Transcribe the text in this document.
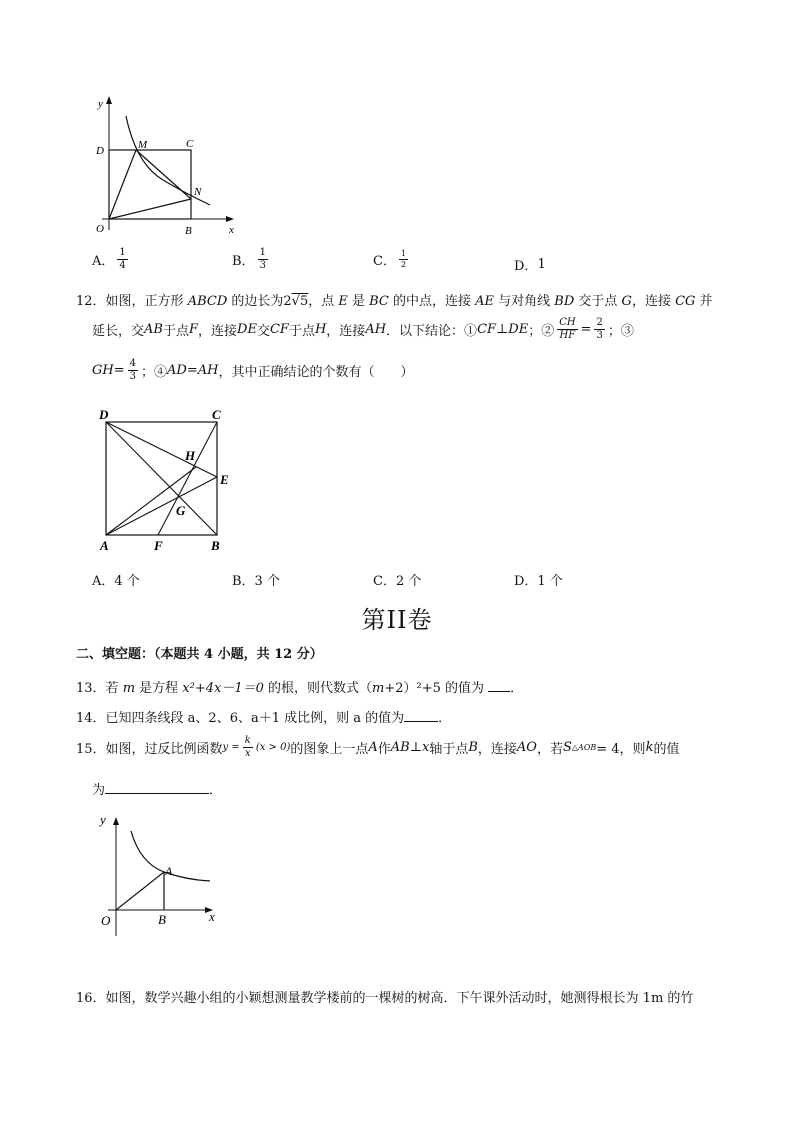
y
x
O	B
D	M	C
N
A． $\frac{1}{4}$	B． $\frac{1}{3}$	C． $\frac{1}{2}$	D． 1
12．如图，正方形 ABCD 的边长为2√5，点 E 是 BC 的中点，连接 AE 与对角线 BD 交于点 G，连接 CG 并
延长，交 AB 于点 F ，连接 DE 交 CF 于点 H ，连接 AH ．以下结论：① CF ⊥ DE ；② $\frac{CH}{HF} = \frac{2}{3}$ ；③
GH = $\frac{4}{3}$ ；④ AD=AH ，其中正确结论的个数有（　　）
D	C
H
E
G
A	F	B
A．4 个	B．3 个	C．2 个	D．1 个
第II卷
二、填空题：（本题共 4 小题，共 12 分）
13．若 m 是方程 x²+4x－1＝0 的根，则代数式（m+2）²+5 的值为 ．
14．已知四条线段 a、2、6、a＋1 成比例，则 a 的值为	．
15．如图，过反比例函数 $y = \frac{k}{x} (x > 0)$ 的图象上一点 A 作 AB ⊥ x 轴于点 B ，连接 AO ，若 S △AOB = 4，则 k 的值
为	．
y
x
O
A
B
16．如图，数学兴趣小组的小颖想测量教学楼前的一棵树的树高．下午课外活动时，她测得根长为 1m 的竹
